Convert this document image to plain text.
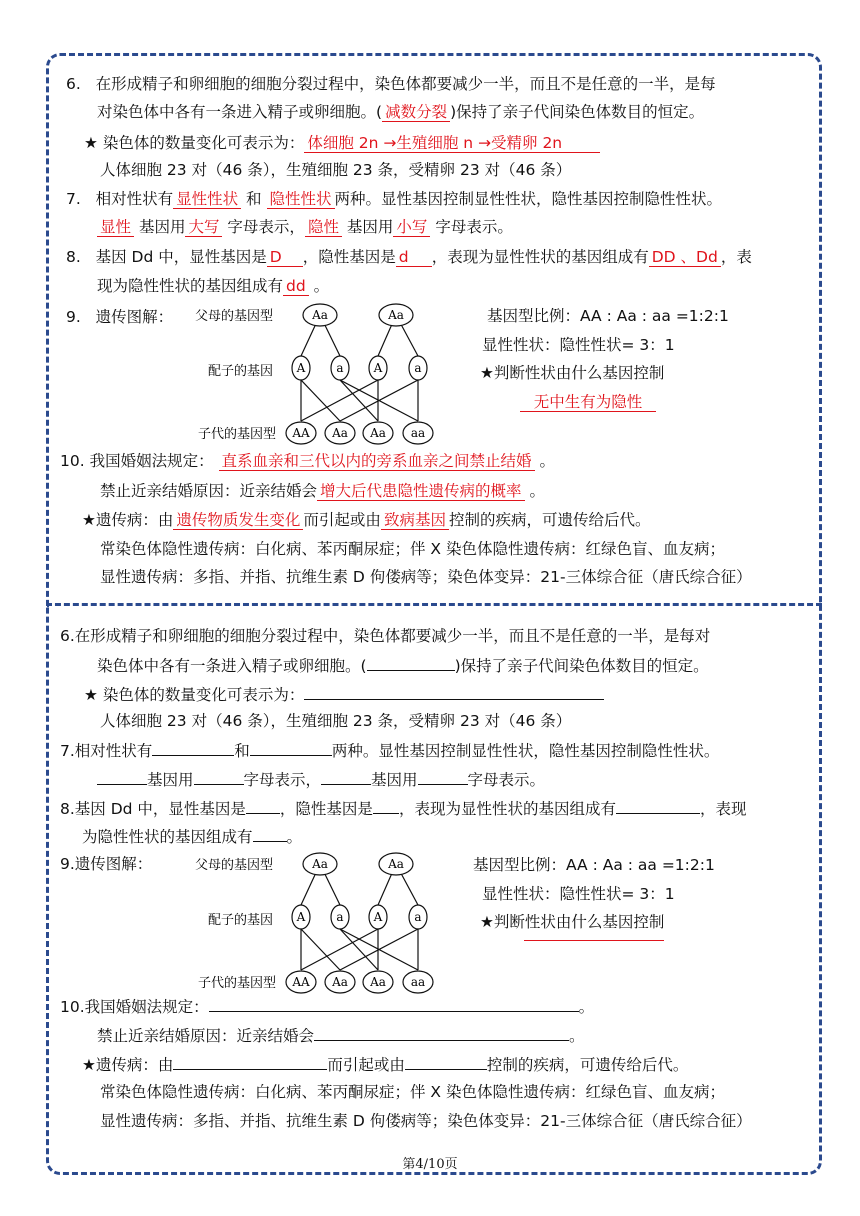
6. 在形成精子和卵细胞的细胞分裂过程中，染色体都要减少一半，而且不是任意的一半，是每
对染色体中各有一条进入精子或卵细胞。( 减数分裂 )保持了亲子代间染色体数目的恒定。
★ 染色体的数量变化可表示为： 体细胞 2n →生殖细胞 n →受精卵 2n
人体细胞 23 对（46 条），生殖细胞 23 条，受精卵 23 对（46 条）
7. 相对性状有 显性性状 和 隐性性状 两种。显性基因控制显性性状，隐性基因控制隐性性状。
显性 基因用 大写 字母表示， 隐性 基因用 小写 字母表示。
8. 基因 Dd 中，显性基因是 D ，隐性基因是 d ，表现为显性性状的基因组成有 DD 、Dd ，表
现为隐性性状的基因组成有 dd 。
9. 遗传图解： 父母的基因型
配子的基因
子代的基因型
Aa	Aa
A	a	A	a
AA Aa Aa aa
基因型比例：AA : Aa : aa =1:2:1
显性性状：隐性性状= 3：1
★判断性状由什么基因控制
无中生有为隐性
10. 我国婚姻法规定： 直系血亲和三代以内的旁系血亲之间禁止结婚 。
禁止近亲结婚原因：近亲结婚会 增大后代患隐性遗传病的概率 。
★遗传病：由 遗传物质发生变化 而引起或由 致病基因 控制的疾病，可遗传给后代。
常染色体隐性遗传病：白化病、苯丙酮尿症；伴 X 染色体隐性遗传病：红绿色盲、血友病；
显性遗传病：多指、并指、抗维生素 D 佝偻病等；染色体变异：21-三体综合征（唐氏综合征）
6.在形成精子和卵细胞的细胞分裂过程中，染色体都要减少一半，而且不是任意的一半，是每对
染色体中各有一条进入精子或卵细胞。(	)保持了亲子代间染色体数目的恒定。
★ 染色体的数量变化可表示为：
人体细胞 23 对（46 条），生殖细胞 23 条，受精卵 23 对（46 条）
7.相对性状有	和	两种。显性基因控制显性性状，隐性基因控制隐性性状。
基因用	字母表示，	基因用	字母表示。
8.基因 Dd 中，显性基因是 ，隐性基因是 ，表现为显性性状的基因组成有	，表现
为隐性性状的基因组成有 。
9.遗传图解：	父母的基因型
配子的基因
子代的基因型
Aa	Aa
A	a	A	a
AA Aa Aa aa
基因型比例：AA : Aa : aa =1:2:1
显性性状：隐性性状= 3：1
★判断性状由什么基因控制
10.我国婚姻法规定：	。
禁止近亲结婚原因：近亲结婚会	。
★遗传病：由	而引起或由	控制的疾病，可遗传给后代。
常染色体隐性遗传病：白化病、苯丙酮尿症；伴 X 染色体隐性遗传病：红绿色盲、血友病；
显性遗传病：多指、并指、抗维生素 D 佝偻病等；染色体变异：21-三体综合征（唐氏综合征）
第4/10页
